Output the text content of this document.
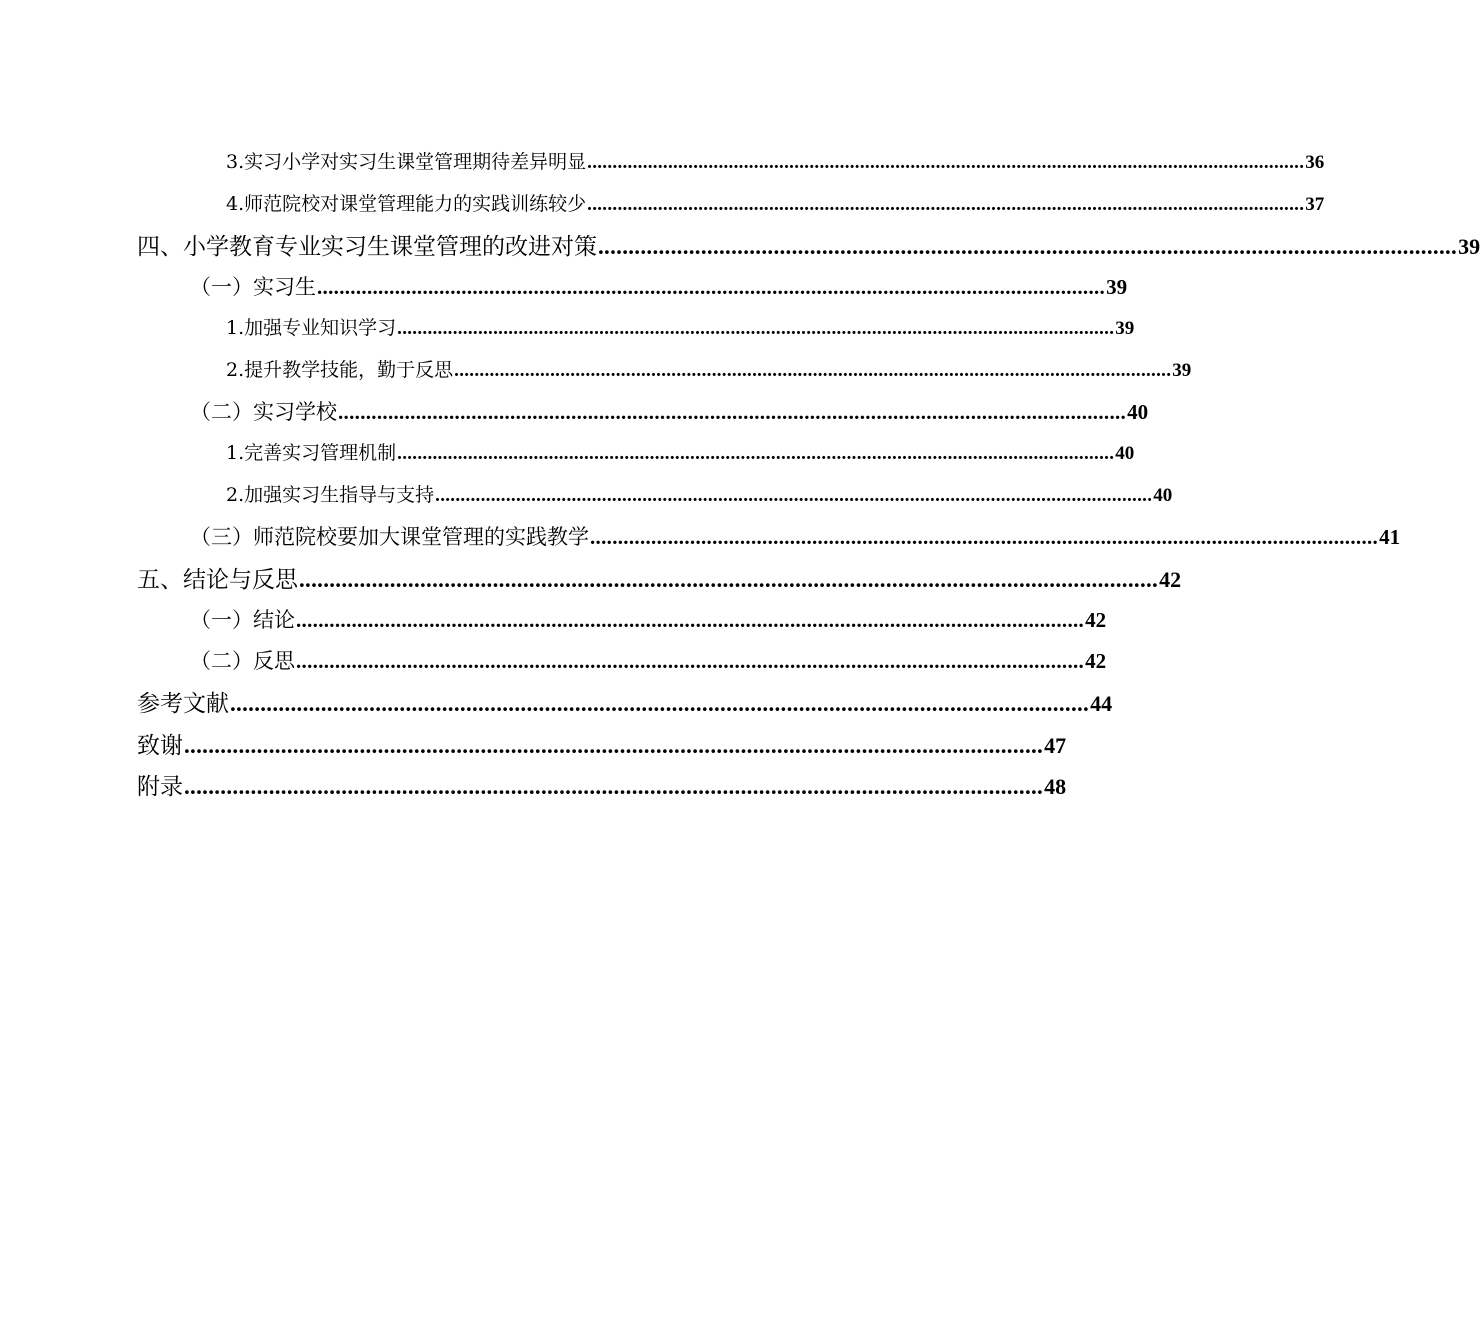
3.实习小学对实习生课堂管理期待差异明显 .............................................................................................................................................. 36
4.师范院校对课堂管理能力的实践训练较少 .............................................................................................................................................. 37
四、小学教育专业实习生课堂管理的改进对策 .............................................................................................................................................. 39
（一）实习生 .............................................................................................................................................. 39
1.加强专业知识学习 .............................................................................................................................................. 39
2.提升教学技能，勤于反思 .............................................................................................................................................. 39
（二）实习学校 .............................................................................................................................................. 40
1.完善实习管理机制 .............................................................................................................................................. 40
2.加强实习生指导与支持 .............................................................................................................................................. 40
（三）师范院校要加大课堂管理的实践教学 .............................................................................................................................................. 41
五、结论与反思 .............................................................................................................................................. 42
（一）结论 .............................................................................................................................................. 42
（二）反思 .............................................................................................................................................. 42
参考文献 .............................................................................................................................................. 44
致谢 .............................................................................................................................................. 47
附录 .............................................................................................................................................. 48
